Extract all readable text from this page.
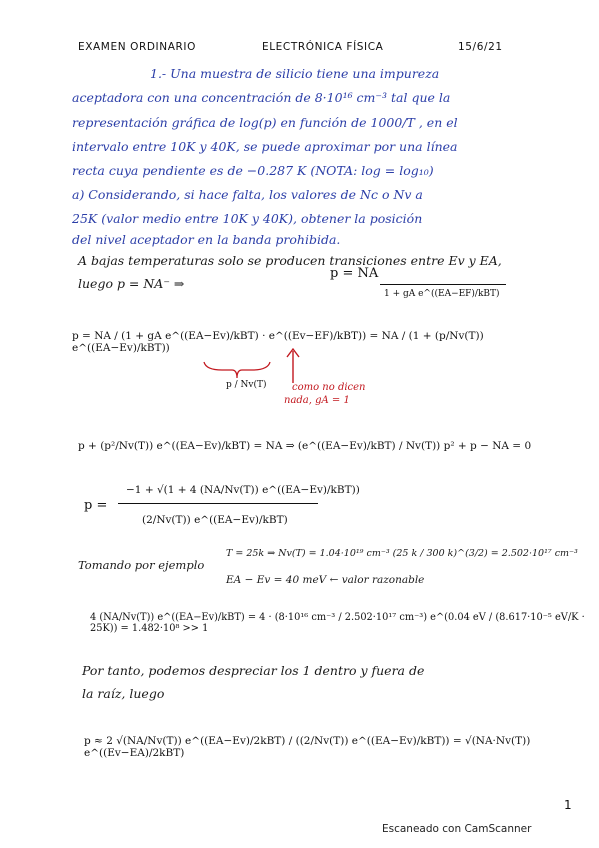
EXAMEN ORDINARIO	ELECTRÓNICA FÍSICA	15/6/21
1.- Una muestra de silicio tiene una impureza
aceptadora con una concentración de 8·10¹⁶ cm⁻³ tal que la
representación gráfica de log(p) en función de 1000/T , en el
intervalo entre 10K y 40K, se puede aproximar por una línea
recta cuya pendiente es de −0.287 K (NOTA: log = log₁₀)
a) Considerando, si hace falta, los valores de Nc o Nv a
25K (valor medio entre 10K y 40K), obtener la posición
del nivel aceptador en la banda prohibida.
A bajas temperaturas solo se producen transiciones entre Ev y EA,
luego p = NA⁻ ⇒
p = NA
1 + gA e^((EA−EF)/kBT)
p = NA / (1 + gA e^((EA−Ev)/kBT) · e^((Ev−EF)/kBT)) = NA / (1 + (p/Nv(T)) e^((EA−Ev)/kBT))
p / Nv(T)	como no dicen
nada, gA = 1
p + (p²/Nv(T)) e^((EA−Ev)/kBT) = NA ⇒ (e^((EA−Ev)/kBT) / Nv(T)) p² + p − NA = 0
p =
−1 + √(1 + 4 (NA/Nv(T)) e^((EA−Ev)/kBT))
(2/Nv(T)) e^((EA−Ev)/kBT)
Tomando por ejemplo
T = 25k ⇒ Nv(T) = 1.04·10¹⁹ cm⁻³ (25 k / 300 k)^(3/2) = 2.502·10¹⁷ cm⁻³
EA − Ev = 40 meV ← valor razonable
4 (NA/Nv(T)) e^((EA−Ev)/kBT) = 4 · (8·10¹⁶ cm⁻³ / 2.502·10¹⁷ cm⁻³) e^(0.04 eV / (8.617·10⁻⁵ eV/K · 25K)) = 1.482·10⁸ >> 1
Por tanto, podemos despreciar los 1 dentro y fuera de
la raíz, luego
p ≈ 2 √(NA/Nv(T)) e^((EA−Ev)/2kBT) / ((2/Nv(T)) e^((EA−Ev)/kBT)) = √(NA·Nv(T)) e^((Ev−EA)/2kBT)
1
Escaneado con CamScanner
